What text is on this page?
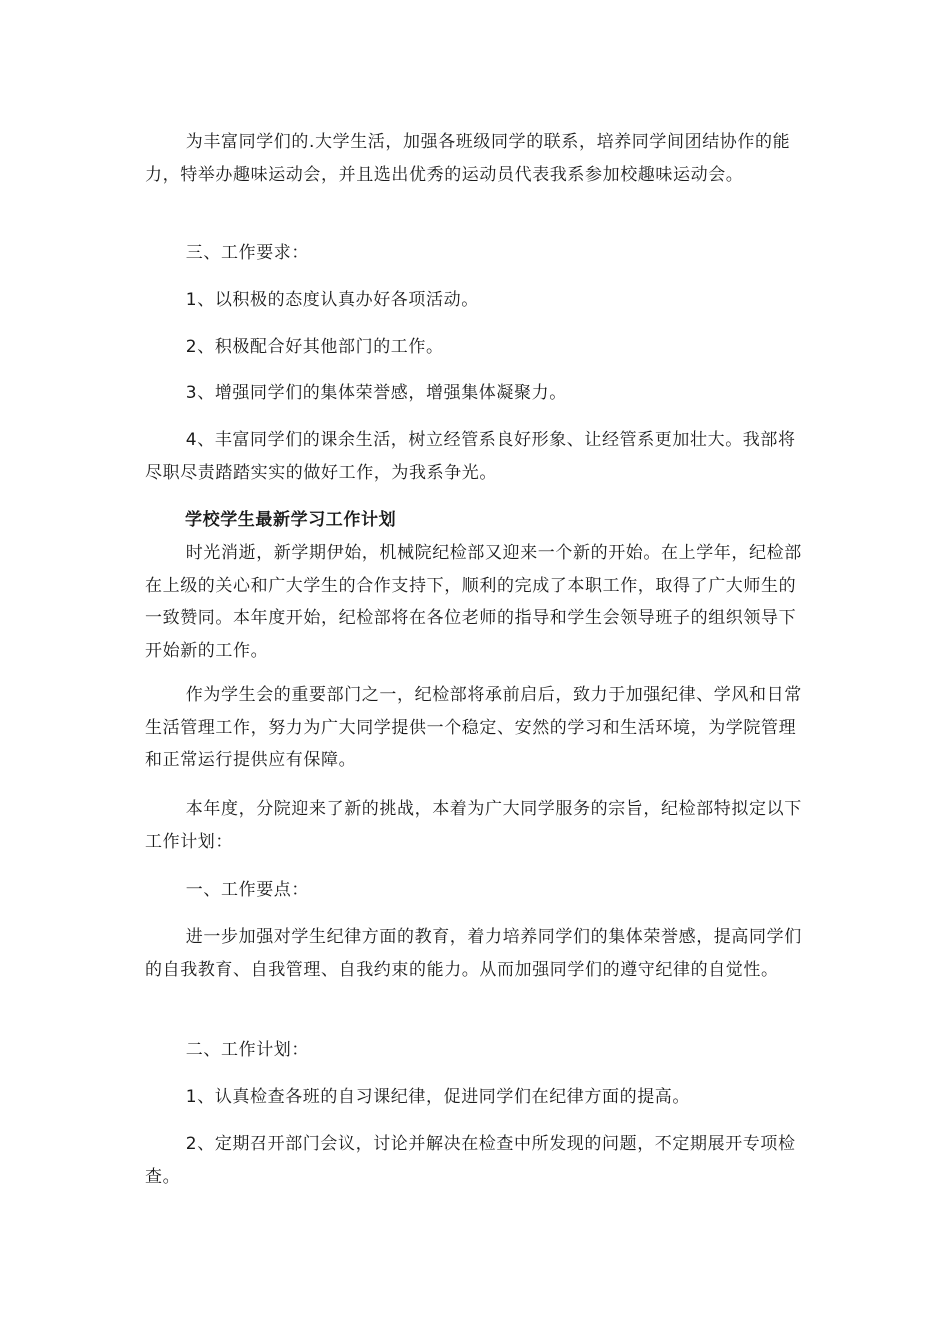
为丰富同学们的.大学生活，加强各班级同学的联系，培养同学间团结协作的能力，特举办趣味运动会，并且选出优秀的运动员代表我系参加校趣味运动会。

三、工作要求：

1、以积极的态度认真办好各项活动。

2、积极配合好其他部门的工作。

3、增强同学们的集体荣誉感，增强集体凝聚力。

4、丰富同学们的课余生活，树立经管系良好形象、让经管系更加壮大。我部将尽职尽责踏踏实实的做好工作，为我系争光。

学校学生最新学习工作计划

时光消逝，新学期伊始，机械院纪检部又迎来一个新的开始。在上学年，纪检部在上级的关心和广大学生的合作支持下，顺利的完成了本职工作，取得了广大师生的一致赞同。本年度开始，纪检部将在各位老师的指导和学生会领导班子的组织领导下开始新的工作。

作为学生会的重要部门之一，纪检部将承前启后，致力于加强纪律、学风和日常生活管理工作，努力为广大同学提供一个稳定、安然的学习和生活环境，为学院管理和正常运行提供应有保障。

本年度，分院迎来了新的挑战，本着为广大同学服务的宗旨，纪检部特拟定以下工作计划：

一、工作要点：

进一步加强对学生纪律方面的教育，着力培养同学们的集体荣誉感，提高同学们的自我教育、自我管理、自我约束的能力。从而加强同学们的遵守纪律的自觉性。

二、工作计划：

1、认真检查各班的自习课纪律，促进同学们在纪律方面的提高。

2、定期召开部门会议，讨论并解决在检查中所发现的问题，不定期展开专项检查。
